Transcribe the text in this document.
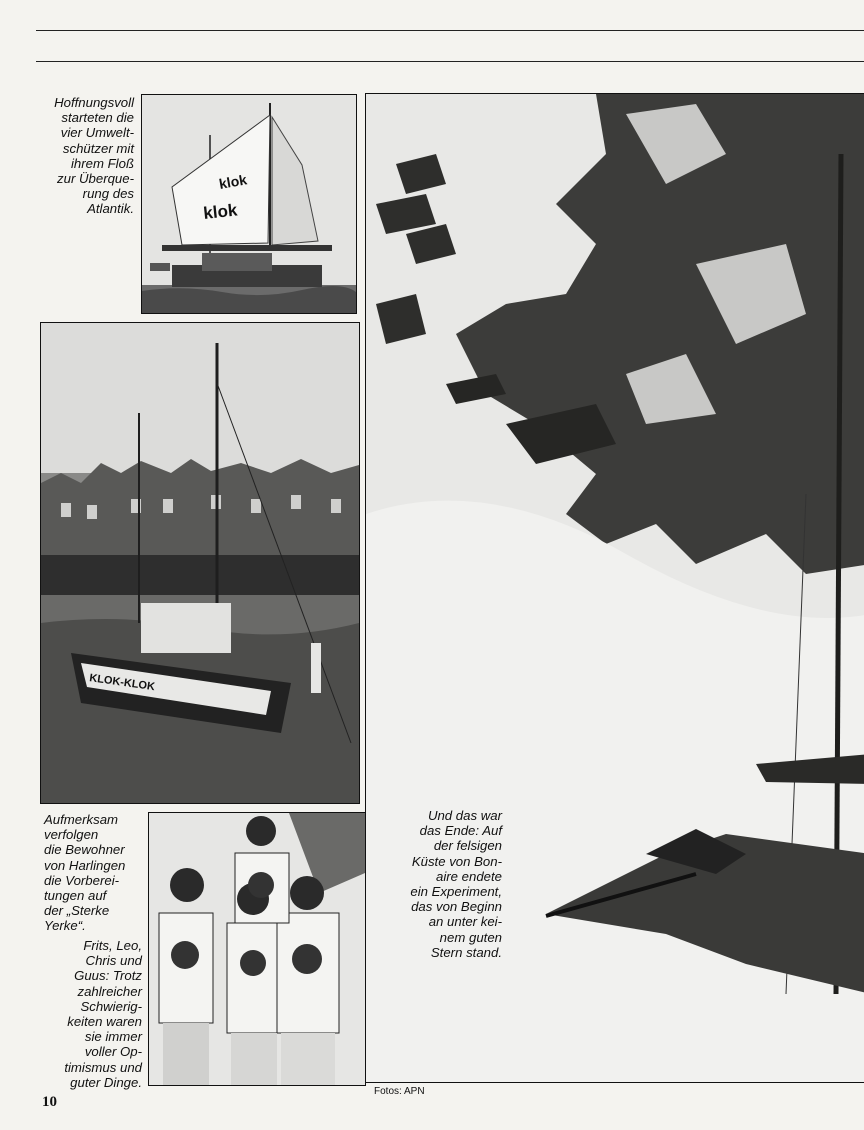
Hoffnungsvoll
starteten die
vier Umwelt-
schützer mit
ihrem Floß
zur Überque-
rung des
Atlantik.
klok
klok
KLOK-KLOK
Aufmerksam
verfolgen
die Bewohner
von Harlingen
die Vorberei-
tungen auf
der „Sterke
Yerke“.
Frits, Leo,
Chris und
Guus: Trotz
zahlreicher
Schwierig-
keiten waren
sie immer
voller Op-
timismus und
guter Dinge.
Und das war
das Ende: Auf
der felsigen
Küste von Bon-
aire endete
ein Experiment,
das von Beginn
an unter kei-
nem guten
Stern stand.
Fotos: APN
10
